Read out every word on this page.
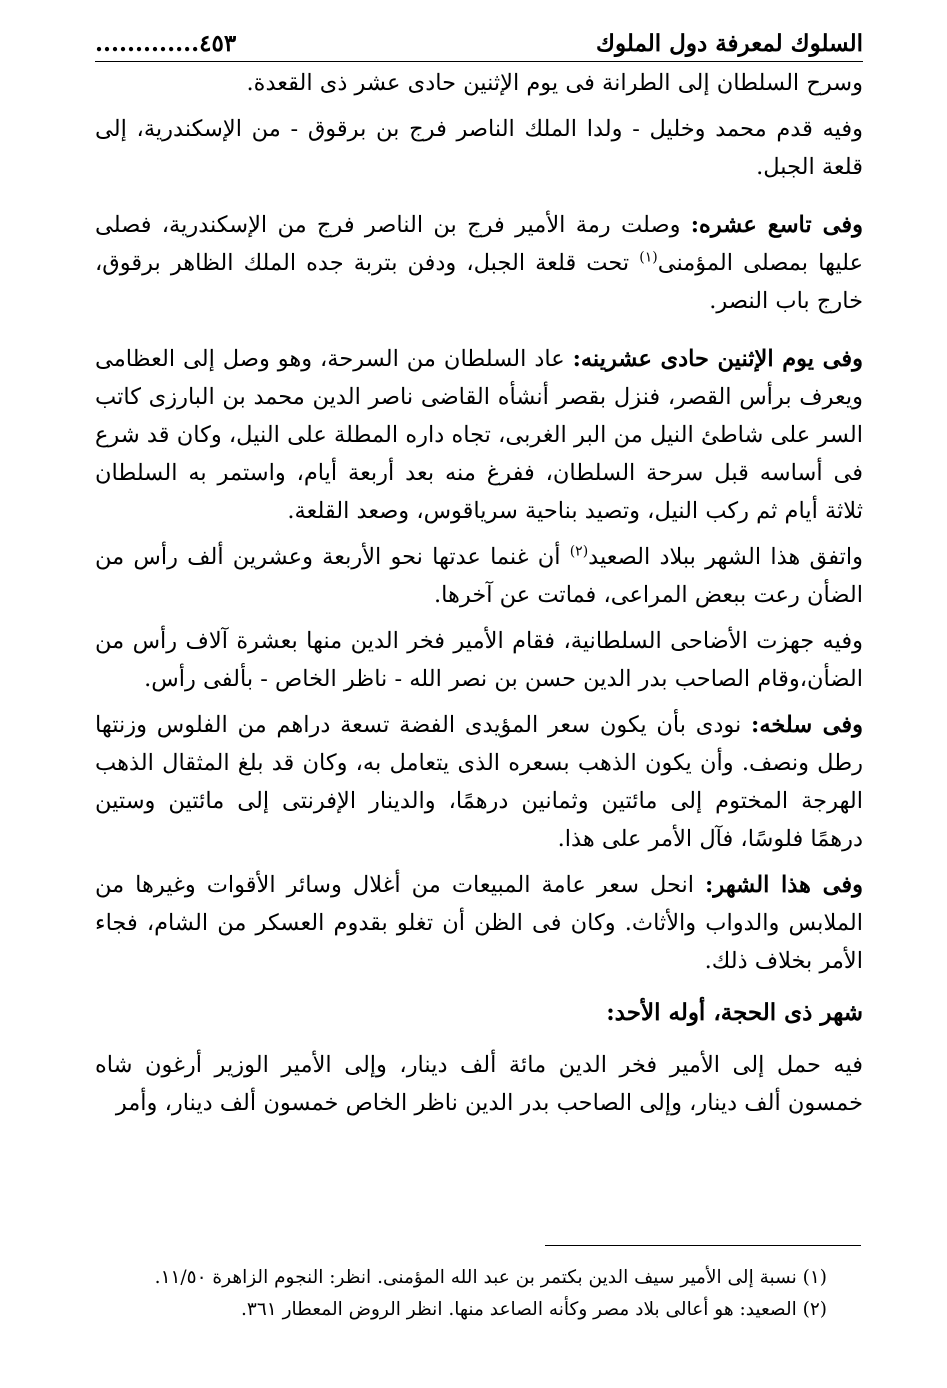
السلوك لمعرفة دول الملوك
٤٥٣.............

وسرح السلطان إلى الطرانة فى يوم الإثنين حادى عشر ذى القعدة.

وفيه قدم محمد وخليل - ولدا الملك الناصر فرج بن برقوق - من الإسكندرية، إلى قلعة الجبل.

وفى تاسع عشره: وصلت رمة الأمير فرج بن الناصر فرج من الإسكندرية، فصلى عليها بمصلى المؤمنى$^{(١)}$ تحت قلعة الجبل، ودفن بتربة جده الملك الظاهر برقوق، خارج باب النصر.

وفى يوم الإثنين حادى عشرينه: عاد السلطان من السرحة، وهو وصل إلى العظامى ويعرف برأس القصر، فنزل بقصر أنشأه القاضى ناصر الدين محمد بن البارزى كاتب السر على شاطئ النيل من البر الغربى، تجاه داره المطلة على النيل، وكان قد شرع فى أساسه قبل سرحة السلطان، ففرغ منه بعد أربعة أيام، واستمر به السلطان ثلاثة أيام ثم ركب النيل، وتصيد بناحية سرياقوس، وصعد القلعة.

واتفق هذا الشهر ببلاد الصعيد$^{(٢)}$ أن غنما عدتها نحو الأربعة وعشرين ألف رأس من الضأن رعت ببعض المراعى، فماتت عن آخرها.

وفيه جهزت الأضاحى السلطانية، فقام الأمير فخر الدين منها بعشرة آلاف رأس من الضأن،وقام الصاحب بدر الدين حسن بن نصر الله - ناظر الخاص - بألفى رأس.

وفى سلخه: نودى بأن يكون سعر المؤيدى الفضة تسعة دراهم من الفلوس وزنتها رطل ونصف. وأن يكون الذهب بسعره الذى يتعامل به، وكان قد بلغ المثقال الذهب الهرجة المختوم إلى مائتين وثمانين درهمًا، والدينار الإفرنتى إلى مائتين وستين درهمًا فلوسًا، فآل الأمر على هذا.

وفى هذا الشهر: انحل سعر عامة المبيعات من أغلال وسائر الأقوات وغيرها من الملابس والدواب والأثاث. وكان فى الظن أن تغلو بقدوم العسكر من الشام، فجاء الأمر بخلاف ذلك.

شهر ذى الحجة، أوله الأحد:

فيه حمل إلى الأمير فخر الدين مائة ألف دينار، وإلى الأمير الوزير أرغون شاه خمسون ألف دينار، وإلى الصاحب بدر الدين ناظر الخاص خمسون ألف دينار، وأمر

(١) نسبة إلى الأمير سيف الدين بكتمر بن عبد الله المؤمنى. انظر: النجوم الزاهرة ١١/٥٠.

(٢) الصعيد: هو أعالى بلاد مصر وكأنه الصاعد منها. انظر الروض المعطار ٣٦١.
